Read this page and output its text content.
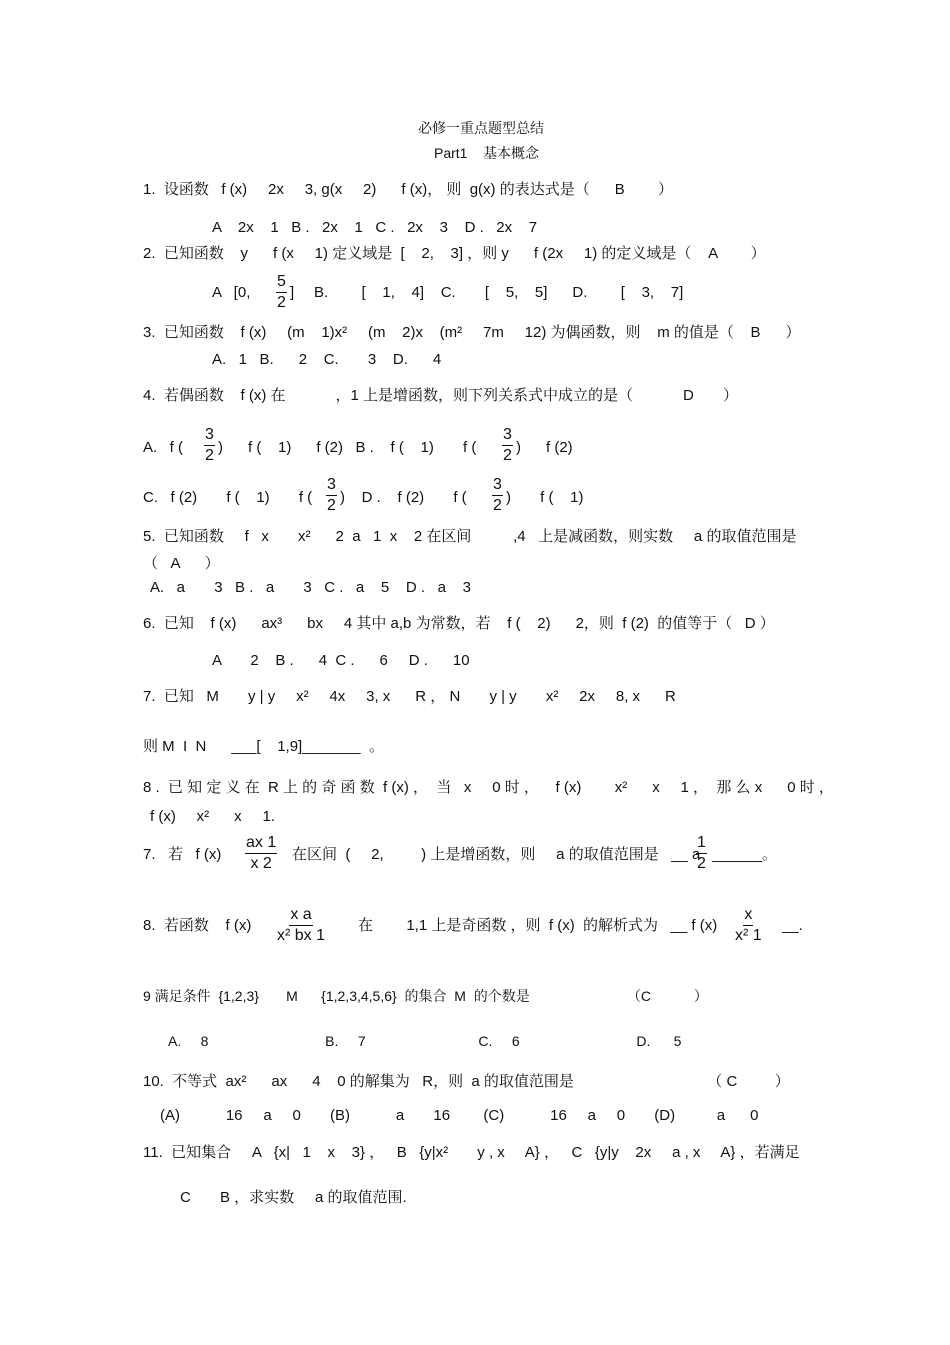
必修一重点题型总结
Part1    基本概念
1.  设函数   f (x)     2x     3, g(x     2)      f (x)， 则  g(x) 的表达式是（      B        ）
A    2x    1   B .   2x    1   C .   2x    3    D .   2x    7
2.  已知函数    y      f (x     1) 定义域是  [    2,    3] ，则 y      f (2x     1) 的定义域是（    A        ）
A   [0, $\frac{5}{2}$ ] B.        [    1,    4]    C.       [    5,    5]      D.        [    3,    7]
3.  已知函数    f (x)     (m    1)x²     (m    2)x    (m²     7m     12) 为偶函数，则    m 的值是（    B      ）
A.   1   B.      2    C.       3    D.      4
4.  若偶函数    f (x) 在            ，1 上是增函数，则下列关系式中成立的是（            D       ）
A.   f ( $\frac{3}{2}$ )      f (    1)      f (2)   B .    f (    1)       f ( $\frac{3}{2}$ )      f (2)
C.   f (2)       f (    1)       f ( $\frac{3}{2}$ )    D .    f (2)       f ( $\frac{3}{2}$ )       f (    1)
5.  已知函数     f   x       x²      2  a   1  x    2 在区间          ,4   上是减函数，则实数     a 的取值范围是
（   A      ）
A.   a       3   B .   a       3   C .   a    5    D .   a    3
6.  已知    f (x)      ax³      bx     4 其中 a,b 为常数，若    f (    2)      2，则  f (2)  的值等于（   D ）
A       2    B .      4  C .      6     D .      10
7.  已知   M       y | y     x²     4x     3, x      R ， N       y | y       x²     2x     8, x      R
则 M  I  N      ___[    1,9]_______  。
8 .  已 知 定 义 在  R 上 的 奇 函 数  f (x) ，  当   x     0 时 ，    f (x)        x²      x     1 ，  那 么 x      0 时 ，
f (x)     x²      x     1.
7.   若   f $(x) \frac{ax 1}{x 2}$ 在区间  (     2,         ) 上是增函数，则     a 的取值范围是   __ a
$\frac{1}{2}$ ______。
8.  若函数    f $(x) \frac{\text{x a}}{\text{x² bx 1}}$ 在        1,1 上是奇函数 ，则  f (x)  的解析式为   __ f $(x) \frac{x}{\text{x² 1}}$ __.
9 满足条件  {1,2,3}       M      {1,2,3,4,5,6}  的集合  M  的个数是                         （C           ）
A.     8                              B.     7                             C.     6                              D.      5
10.  不等式  ax²      ax      4    0 的解集为   R，则  a 的取值范围是                                （ C         ）
(A)           16     a     0       (B)           a       16        (C)           16     a     0       (D)          a      0
11.  已知集合     A   {x|   1    x    3} ，   B   {y|x²       y , x     A} ，   C   {y|y    2x     a , x     A} ，若满足
C       B ，求实数     a 的取值范围.
